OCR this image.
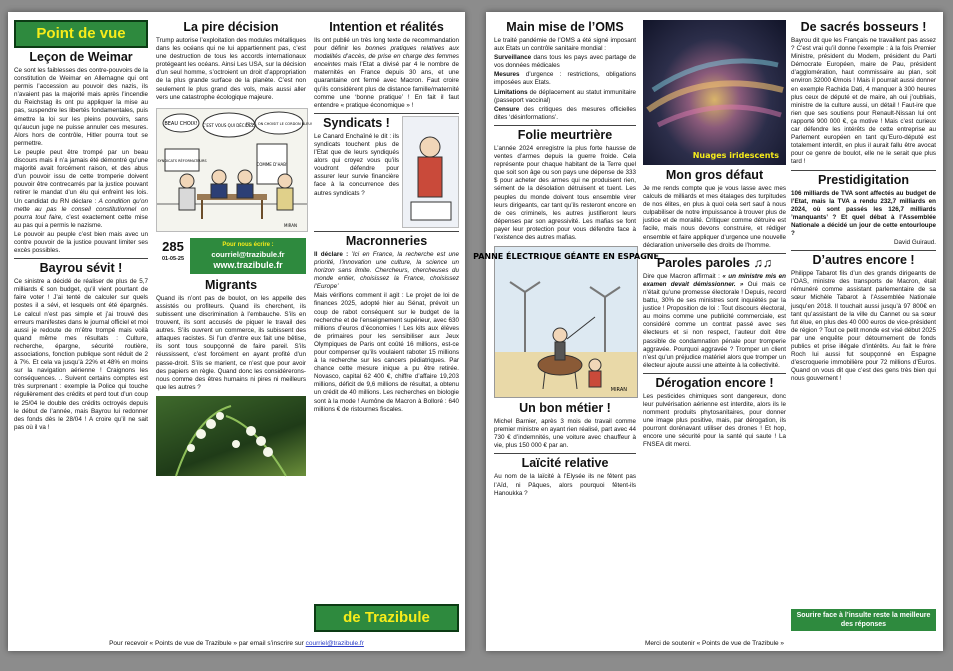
Point de vue
Leçon de Weimar

Ce sont les faiblesses des contre-pouvoirs de la constitution de Weimar en Allemagne qui ont permis l’accession au pouvoir des nazis, ils n’avaient pas la majorité mais après l’incendie du Reichstag ils ont pu appliquer la mise au pas, suspendre les libertés fondamentales, puis émettre la loi sur les pleins pouvoirs, sans qu’aucun juge ne puisse annuler ces mesures. Alors hors de contrôle, Hitler pourra tout se permettre.

Le peuple peut être trompé par un beau discours mais il n’a jamais été démontré qu’une majorité avait forcément raison, et des abus d’un pouvoir issu de cette tromperie doivent pouvoir être contrecarrés par la justice pouvant retirer le mandat d’un élu qui enfreint les lois. Un candidat du RN déclare : A condition qu’on mette au pas le conseil constitutionnel on pourra tout faire, c’est exactement cette mise au pas qui a permis le nazisme.

Le pouvoir au peuple c’est bien mais avec un contre pouvoir de la justice pouvant limiter ses excès possibles.

Bayrou sévit !

Ce sinistre a décidé de réaliser de plus de 5,7 milliards € son budget, qu’il vient pourtant de faire voter ! J’ai tenté de calculer sur quels postes il a sévi, et lesquels ont été épargnés. Le calcul n’est pas simple et j’ai trouvé des erreurs manifestes dans le journal officiel et moi aussi je redoute de m’être trompé mais voilà quand même mes résultats : Culture, recherche, épargne, sécurité routière, associations, fonction publique sont réduit de 2 à 7%. Et cela va jusqu’à 22% et 48% en moins sur la navigation aérienne ! Craignons les conséquences. .. Suivent certains comptes est très surprenant : exemple la Police qui touche régulièrement des crédits et perd tout d’un coup le 25/04 le double des crédits octroyés depuis le début de l’année, mais Bayrou lui redonner des fonds dès le 28/04 ! A croire qu’il ne sait pas où il va !

La pire décision

Trump autorise l’exploitation des modules métalliques dans les océans qui ne lui appartiennent pas, c’est une destruction de tous les accords internationaux protégeant les océans. Ainsi Les USA, sur la décision d’un seul homme, s’octroient un droit d’appropriation de la plus grande surface de la planète. C’est non seulement le plus grand des vols, mais aussi aller vers une catastrophe écologique majeure.

BEAU CHOIX! C’EST VOUS QUI DÉCIDEZ!
ET LA, ON CHOISIT LE CORDON BLEU!
SYNDICATS RÉFORMATEURS
COMME D’HAB!
MIRAN
285
01-05-25
Pour nous écrire :
courriel@trazibule.fr
www.trazibule.fr
Migrants

Quand ils n’ont pas de boulot, on les appelle des assistés ou profiteurs. Quand ils cherchent, ils subissent une discrimination à l’embauche. S’ils en trouvent, ils sont accusés de piquer le travail des autres. S’ils ouvrent un commerce, ils subissent des attaques racistes. Si l’un d’entre eux fait une bêtise, ils sont tous soupçonné de faire pareil. S’ils réussissent, c’est forcément en ayant profité d’un passe-droit. S’ils se marient, ce n’est que pour avoir des papiers en règle. Quand donc les considérerons-nous comme des êtres humains ni pires ni meilleurs que les autres ?

Intention et réalités

Ils ont publié un très long texte de recommandation pour définir les bonnes pratiques relatives aux modalités d’accès, de prise en charge des femmes enceintes mais l’Etat a divisé par 4 le nombre de maternités en France depuis 30 ans, et une quarantaine ont fermé avec Macron. Faut croire qu’ils considèrent plus de distance famille/maternité comme une ‘bonne pratique’ ! En fait il faut entendre « pratique économique » !

Syndicats !

Le Canard Enchaîné le dit : ils syndicats touchent plus de l’Etat que de leurs syndiqués alors qui croyez vous qu’ils voudront défendre pour assurer leur survie financière face à la concurrence des autres syndicats ?

Macronneries

Il déclare : ’Ici en France, la recherche est une priorité, l’innovation une culture, la science un horizon sans limite. Chercheurs, chercheuses du monde entier, choisissez la France, choisissez l’Europe’

Mais vérifions comment il agit : Le projet de loi de finances 2025, adopté hier au Sénat, prévoit un coup de rabot conséquent sur le budget de la recherche et de l’enseignement supérieur, avec 630 millions d’euros d’économies ! Les kits aux élèves de primaires pour les sensibiliser aux Jeux Olympiques de Paris ont coûté 16 millions, est-ce pour compenser qu’ils voulaient raboter 15 millions à la recherche sur les cancers pédiatriques. Par chance cette mesure inique a pu être retirée. Novasco, capital 62 400 €, chiffre d’affaire 19,203 millions, déficit de 9,6 millions de résultat, a obtenu un crédit de 40 millions. Les recherches en biologie sont à la mode ! Aumône de Macron à Bolloré : 640 millions € de ristournes fiscales.

de Trazibule
Pour recevoir « Points de vue de Trazibule » par email s’inscrire sur courriel@trazibule.fr
Main mise de l’OMS

Le traité pandémie de l’OMS a été signé imposant aux Etats un contrôle sanitaire mondial :

Surveillance dans tous les pays avec partage de vos données médicales

Mesures d’urgence : restrictions, obligations imposées aux Etats.

Limitations de déplacement au statut immunitaire (passeport vaccinal)

Censure des critiques des mesures officielles dites ‘désinformations’.

Folie meurtrière

L’année 2024 enregistre la plus forte hausse de ventes d’armes depuis la guerre froide. Cela représente pour chaque habitant de la Terre quel que soit son âge ou son pays une dépense de 333 $ pour acheter des armes qui ne produisent rien, sément de la désolation détruisent et tuent. Les peuples du monde doivent tous ensemble virer leurs dirigeants, car tant qu’ils resteront encore en de ces criminels, les autres justifieront leurs dépenses par son agressivité. Les mafias se font payer leur protection pour vous défendre face à l’existence des autres mafias.

PANNE ÉLECTRIQUE GÉANTE EN ESPAGNE
MIRAN
Un bon métier !

Michel Barnier, après 3 mois de travail comme premier ministre en ayant rien réalisé, part avec 44 730 € d’indemnités, une voiture avec chauffeur à vie, plus 150 000 € par an.

Laïcité relative

Au nom de la laïcité à l’Elysée ils ne fêtent pas l’Aïd, ni Pâques, alors pourquoi fêtent-ils Hanoukka ?

Nuages iridescents
Mon gros défaut

Je me rends compte que je vous lasse avec mes calculs de milliards et mes étalages des turpitudes de nos élites, en plus à quoi cela sert sauf à nous culpabiliser de notre impuissance à trouver plus de justice et de moralité. Critiquer comme détruire est facile, mais nous devons construire, et rédiger ensemble et faire appliquer d’urgence une nouvelle déclaration universelle des droits de l’homme.

Paroles paroles ♫♫

Dire que Macron affirmait : « un ministre mis en examen devait démissionner. » Oui mais ce n’était qu’une promesse électorale ! Depuis, record battu, 30% de ses ministres sont inquiétés par la justice ! Proposition de loi : Tout discours électoral, au moins comme une publicité commerciale, est considéré comme un contrat passé avec ses électeurs et si non respect, l’auteur doit être passible de condamnation pénale pour tromperie aggravée. Pourquoi aggravée ? Tromper un client n’est qu’un préjudice matériel alors que tromper un électeur ajoute aussi une atteinte à la collectivité.

Dérogation encore !

Les pesticides chimiques sont dangereux, donc leur pulvérisation aérienne est interdite, alors ils le nomment produits phytosanitaires, pour donner une image plus positive, mais, par dérogation, ils pourront dorénavant utiliser des drones ! Et hop, encore une sécurité pour la santé qui saute ! La FNSEA dit merci.

De sacrés bosseurs !

Bayrou dit que les Français ne travaillent pas assez ? C’est vrai qu’il donne l’exemple : à la fois Premier Ministre, président du Modem, président du Parti Démocrate Européen, maire de Pau, président d’agglomération, haut commissaire au plan, soit environ 32000 €/mois ! Mais il pourrait aussi donner en exemple Rachida Dati, 4 manquer à 300 heures plus ceux de député et de maire, ah oui j’oubliais, ministre de la culture aussi, un détail ! Faut-ire que rien que ses soutiens pour Renault-Nissan lui ont rapporté 900 000 €, ça motive ! Mais c’est curieux car défendre les intérêts de cette entreprise au Parlement européen en tant qu’Euro-député est totalement interdit, en plus il aurait fallu être avocat pour ce genre de boulot, elle ne le serait que plus tard !

Prestidigitation

106 milliards de TVA sont affectés au budget de l’Etat, mais la TVA a rendu 232,7 milliards en 2024, où sont passés les 126,7 milliards ’manquants’ ? Et quel débat à l’Assemblée Nationale a décidé un jour de cette entourloupe ?

David Guiraud.

D’autres encore !

Philippe Tabarot fils d’un des grands dirigeants de l’OAS, ministre des transports de Macron, était rémunéré comme assistant parlementaire de sa sœur Michèle Tabarot à l’Assemblée Nationale jusqu’en 2018. Il touchait aussi jusqu’à 97 800€ en tant qu’assistant de la ville du Cannet ou sa sœur fut élue, en plus des 40 000 euros de vice-président de région ? Tout ce petit monde est visé début 2025 par une enquête pour détournement de fonds publics et prise illégale d’intérêts. Au fait le frère Roch lui aussi fut soupçonné en Espagne d’escroquerie immobilière pour 72 millions d’Euros. Quand on vous dit que c’est des gens très bien qui nous gouvernent !

Sourire face à l’insulte reste la meilleure des réponses
Merci de soutenir « Points de vue de Trazibule »
